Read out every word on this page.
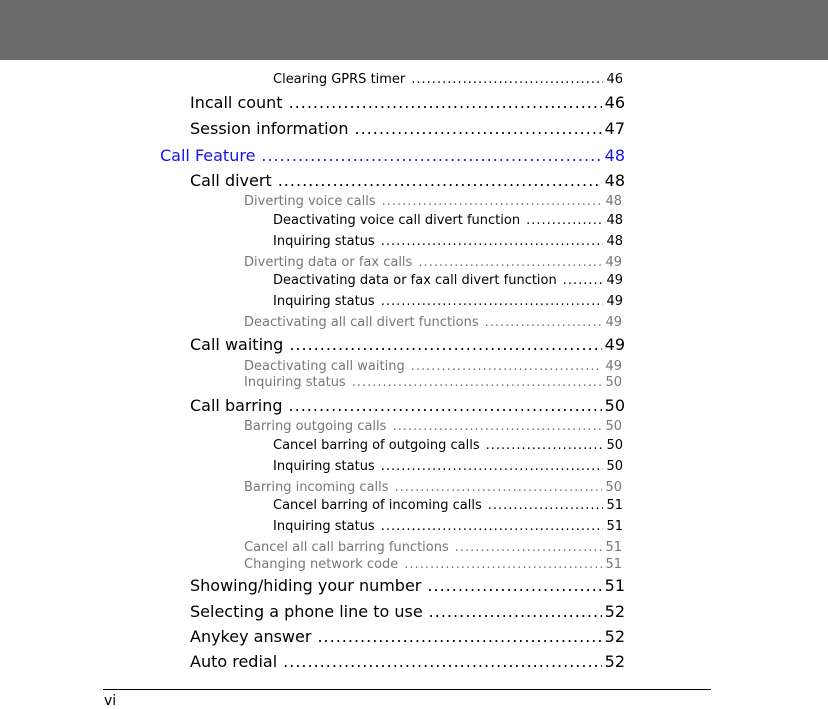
Clearing GPRS timer .....	46
Incall count .....	46
Session information .....	47
Call Feature .....	48
Call divert .....	48
Diverting voice calls .....	48
Deactivating voice call divert function .....	48
Inquiring status .....	48
Diverting data or fax calls .....	49
Deactivating data or fax call divert function .....	49
Inquiring status .....	49
Deactivating all call divert functions .....	49
Call waiting .....	49
Deactivating call waiting .....	49
Inquiring status .....	50
Call barring .....	50
Barring outgoing calls .....	50
Cancel barring of outgoing calls .....	50
Inquiring status .....	50
Barring incoming calls .....	50
Cancel barring of incoming calls .....	51
Inquiring status .....	51
Cancel all call barring functions .....	51
Changing network code .....	51
Showing/hiding your number .....	51
Selecting a phone line to use .....	52
Anykey answer .....	52
Auto redial .....	52
vi
